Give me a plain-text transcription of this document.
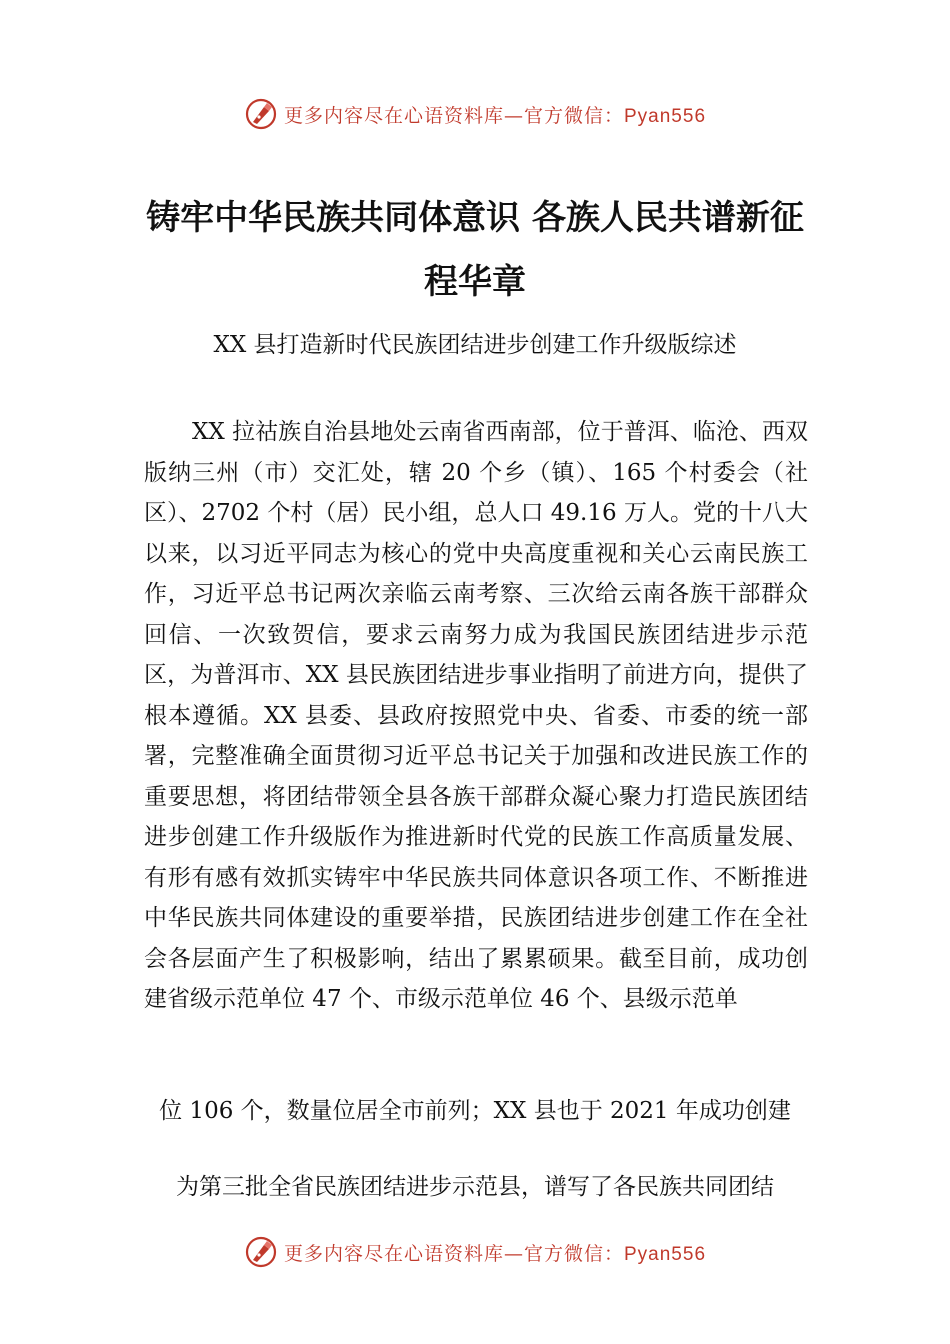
更多内容尽在心语资料库—官方微信：Pyan556
铸牢中华民族共同体意识 各族人民共谱新征程华章

XX 县打造新时代民族团结进步创建工作升级版综述

XX 拉祜族自治县地处云南省西南部，位于普洱、临沧、西双版纳三州（市）交汇处，辖 20 个乡（镇）、165 个村委会（社区）、2702 个村（居）民小组，总人口 49.16 万人。党的十八大以来，以习近平同志为核心的党中央高度重视和关心云南民族工作，习近平总书记两次亲临云南考察、三次给云南各族干部群众回信、一次致贺信，要求云南努力成为我国民族团结进步示范区，为普洱市、XX 县民族团结进步事业指明了前进方向，提供了根本遵循。XX 县委、县政府按照党中央、省委、市委的统一部署，完整准确全面贯彻习近平总书记关于加强和改进民族工作的重要思想，将团结带领全县各族干部群众凝心聚力打造民族团结进步创建工作升级版作为推进新时代党的民族工作高质量发展、有形有感有效抓实铸牢中华民族共同体意识各项工作、不断推进中华民族共同体建设的重要举措，民族团结进步创建工作在全社会各层面产生了积极影响，结出了累累硕果。截至目前，成功创建省级示范单位 47 个、市级示范单位 46 个、县级示范单

位 106 个，数量位居全市前列；XX 县也于 2021 年成功创建

为第三批全省民族团结进步示范县，谱写了各民族共同团结

更多内容尽在心语资料库—官方微信：Pyan556
